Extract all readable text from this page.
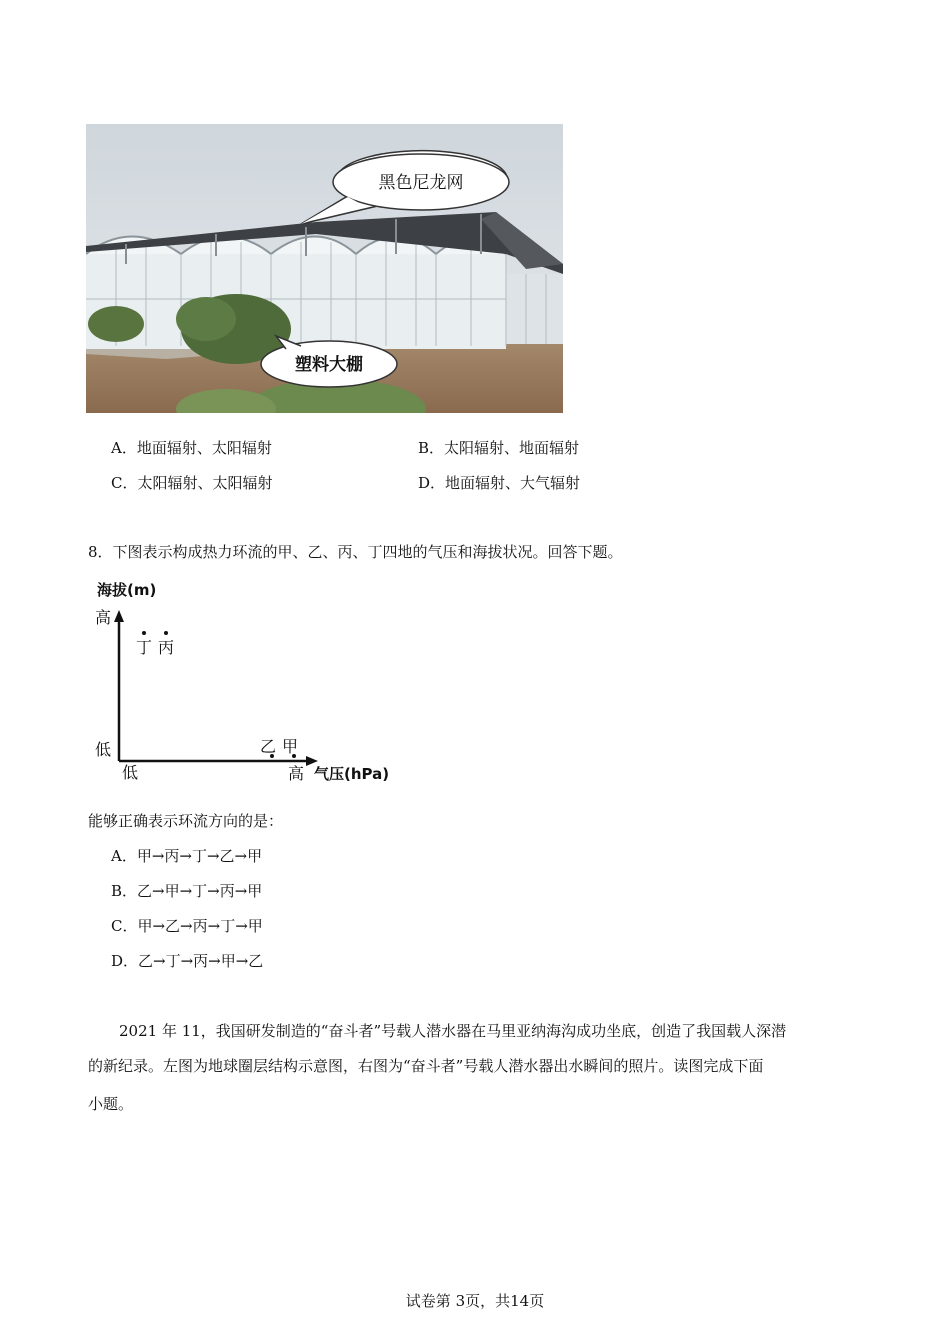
黑色尼龙网
塑料大棚
A．地面辐射、太阳辐射	B．太阳辐射、地面辐射
C．太阳辐射、太阳辐射	D．地面辐射、大气辐射
8．下图表示构成热力环流的甲、乙、丙、丁四地的气压和海拔状况。回答下题。
海拔(m)
气压(hPa)
高
低
低	高
丁 丙
乙 甲
能够正确表示环流方向的是：
A．甲→丙→丁→乙→甲
B．乙→甲→丁→丙→甲
C．甲→乙→丙→丁→甲
D．乙→丁→丙→甲→乙
2021 年 11，我国研发制造的“奋斗者”号载人潜水器在马里亚纳海沟成功坐底，创造了我国载人深潜
的新纪录。左图为地球圈层结构示意图，右图为“奋斗者”号载人潜水器出水瞬间的照片。读图完成下面
小题。
试卷第 3页，共14页
